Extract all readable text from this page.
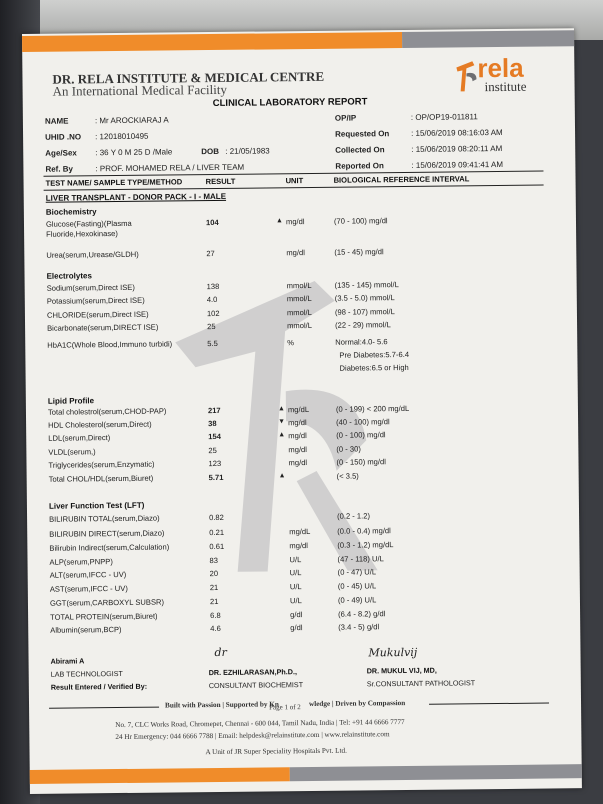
DR. RELA INSTITUTE & MEDICAL CENTRE
An International Medical Facility
rela
institute
CLINICAL LABORATORY REPORT
NAME	: Mr AROCKIARAJ A
UHID .NO : 12018010495
Age/Sex : 36 Y 0 M 25 D /Male	DOB : 21/05/1983
Ref. By	: PROF. MOHAMED RELA / LIVER TEAM
OP/IP	: OP/OP19-011811
Requested On	: 15/06/2019 08:16:03 AM
Collected On	: 15/06/2019 08:20:11 AM
Reported On	: 15/06/2019 09:41:41 AM
TEST NAME/ SAMPLE TYPE/METHOD	RESULT	UNIT	BIOLOGICAL REFERENCE INTERVAL
LIVER TRANSPLANT - DONOR PACK - I - MALE
Biochemistry
Electrolytes
Lipid Profile
Liver Function Test (LFT)
Glucose(Fasting)(Plasma	104	▲ mg/dl	(70 - 100) mg/dl
Fluoride,Hexokinase)
Urea(serum,Urease/GLDH)	27	mg/dl	(15 - 45) mg/dl
Sodium(serum,Direct ISE)	138	mmol/L	(135 - 145) mmol/L
Potassium(serum,Direct ISE)	4.0	mmol/L	(3.5 - 5.0) mmol/L
CHLORIDE(serum,Direct ISE)	102	mmol/L	(98 - 107) mmol/L
Bicarbonate(serum,DIRECT ISE)	25	mmol/L	(22 - 29) mmol/L
HbA1C(Whole Blood,Immuno turbidi)	5.5	%	Normal:4.0- 5.6
Pre Diabetes:5.7-6.4
Diabetes:6.5 or High
Total cholestrol(serum,CHOD-PAP)	217	▲ mg/dL	(0 - 199) < 200 mg/dL
HDL Cholesterol(serum,Direct)	38	▼ mg/dl	(40 - 100) mg/dl
LDL(serum,Direct)	154	▲ mg/dl	(0 - 100) mg/dl
VLDL(serum,)	25	mg/dl	(0 - 30)
Triglycerides(serum,Enzymatic)	123	mg/dl	(0 - 150) mg/dl
Total CHOL/HDL(serum,Biuret)	5.71	▲	(< 3.5)
BILIRUBIN TOTAL(serum,Diazo)	0.82	(0.2 - 1.2)
BILIRUBIN DIRECT(serum,Diazo)	0.21	mg/dL	(0.0 - 0.4) mg/dl
Bilirubin Indirect(serum,Calculation)	0.61	mg/dl	(0.3 - 1.2) mg/dL
ALP(serum,PNPP)	83	U/L	(47 - 118) U/L
ALT(serum,IFCC - UV)	20	U/L	(0 - 47) U/L
AST(serum,IFCC - UV)	21	U/L	(0 - 45) U/L
GGT(serum,CARBOXYL SUBSR)	21	U/L	(0 - 49) U/L
TOTAL PROTEIN(serum,Biuret)	6.8	g/dl	(6.4 - 8.2) g/dl
Albumin(serum,BCP)	4.6	g/dl	(3.4 - 5) g/dl
Abirami A
LAB TECHNOLOGIST
Result Entered / Verified By:
dr
DR. EZHILARASAN,Ph.D.,
CONSULTANT BIOCHEMIST
Mukulvij
DR. MUKUL VIJ, MD,
Sr.CONSULTANT PATHOLOGIST
Built with Passion | Supported by Kn
Page 1 of 2 wledge | Driven by Compassion
No. 7, CLC Works Road, Chromepet, Chennai - 600 044, Tamil Nadu, India | Tel: +91 44 6666 7777
24 Hr Emergency: 044 6666 7788 | Email: helpdesk@relainstitute.com | www.relainstitute.com
A Unit of JR Super Speciality Hospitals Pvt. Ltd.
